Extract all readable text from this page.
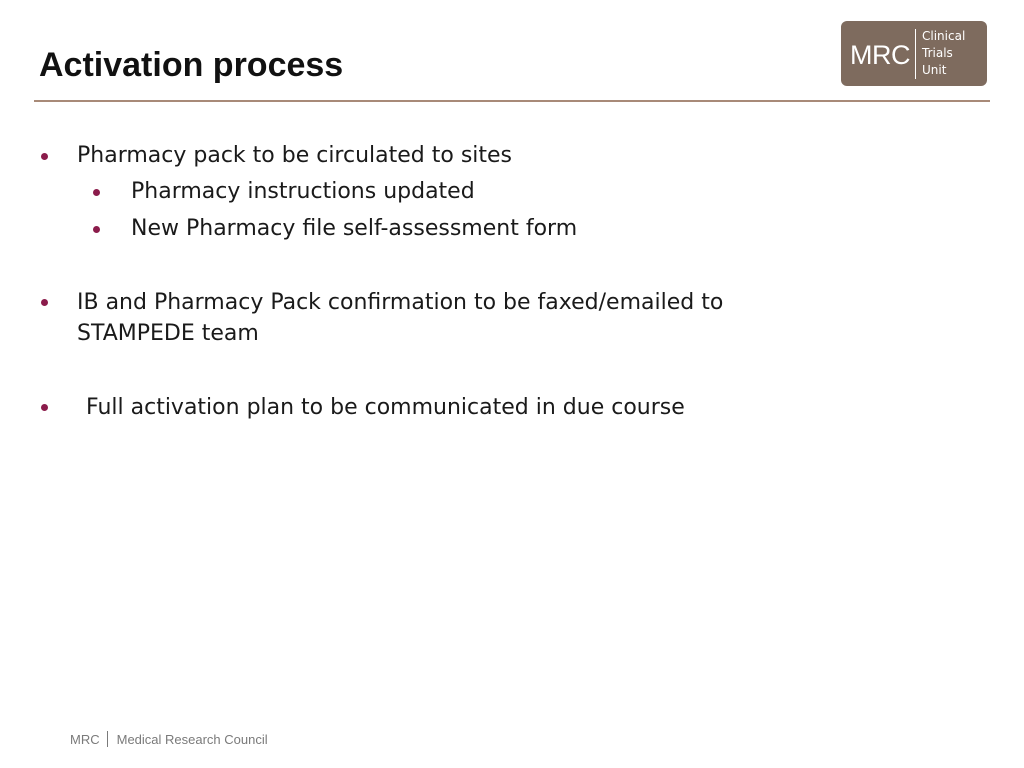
Activation process	MRC
Clinical
Trials
Unit
Pharmacy pack to be circulated to sites
Pharmacy instructions updated
New Pharmacy file self-assessment form
IB and Pharmacy Pack confirmation to be faxed/emailed to
STAMPEDE team
Full activation plan to be communicated in due course
MRC Medical Research Council
